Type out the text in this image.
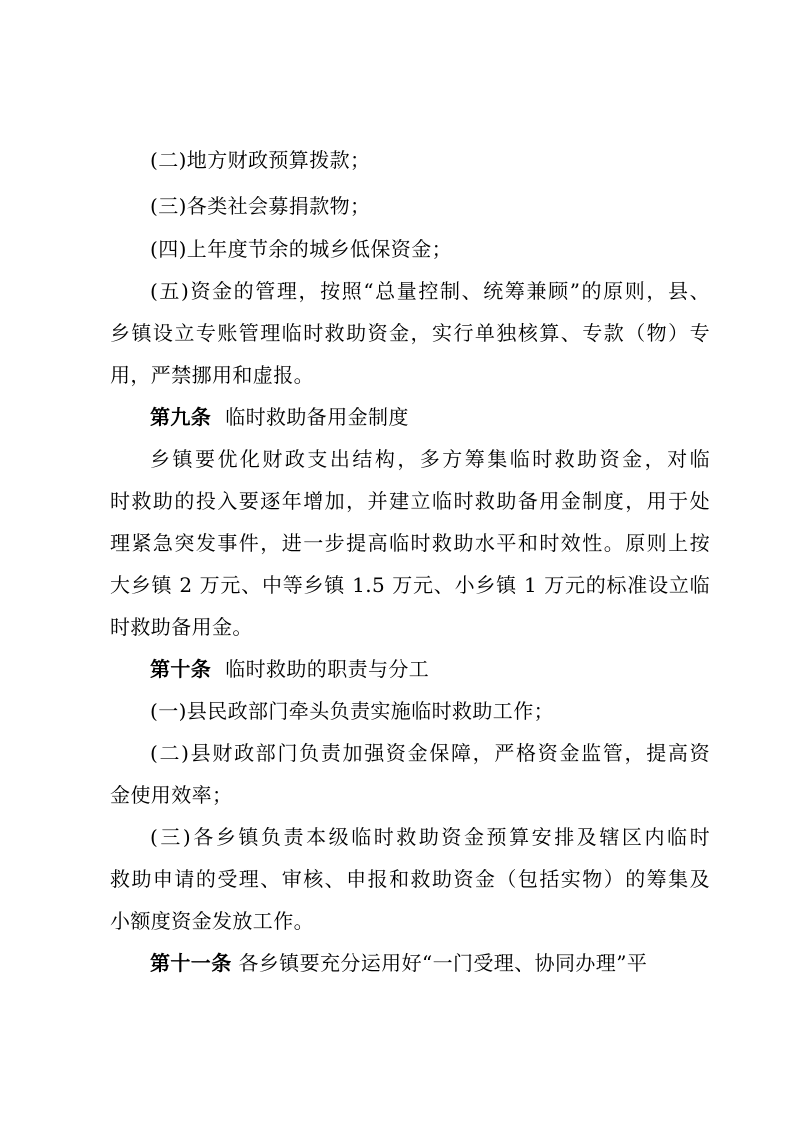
(二)地方财政预算拨款；
(三)各类社会募捐款物；
(四)上年度节余的城乡低保资金；
(五)资金的管理，按照“总量控制、统筹兼顾”的原则，县、
乡镇设立专账管理临时救助资金，实行单独核算、专款（物）专
用，严禁挪用和虚报。
第九条 临时救助备用金制度
乡镇要优化财政支出结构，多方筹集临时救助资金，对临
时救助的投入要逐年增加，并建立临时救助备用金制度，用于处
理紧急突发事件，进一步提高临时救助水平和时效性。原则上按
大乡镇 2 万元、中等乡镇 1.5 万元、小乡镇 1 万元的标准设立临
时救助备用金。
第十条 临时救助的职责与分工
(一)县民政部门牵头负责实施临时救助工作；
(二)县财政部门负责加强资金保障，严格资金监管，提高资
金使用效率；
(三)各乡镇负责本级临时救助资金预算安排及辖区内临时
救助申请的受理、审核、申报和救助资金（包括实物）的筹集及
小额度资金发放工作。
第十一条 各乡镇要充分运用好“一门受理、协同办理”平
